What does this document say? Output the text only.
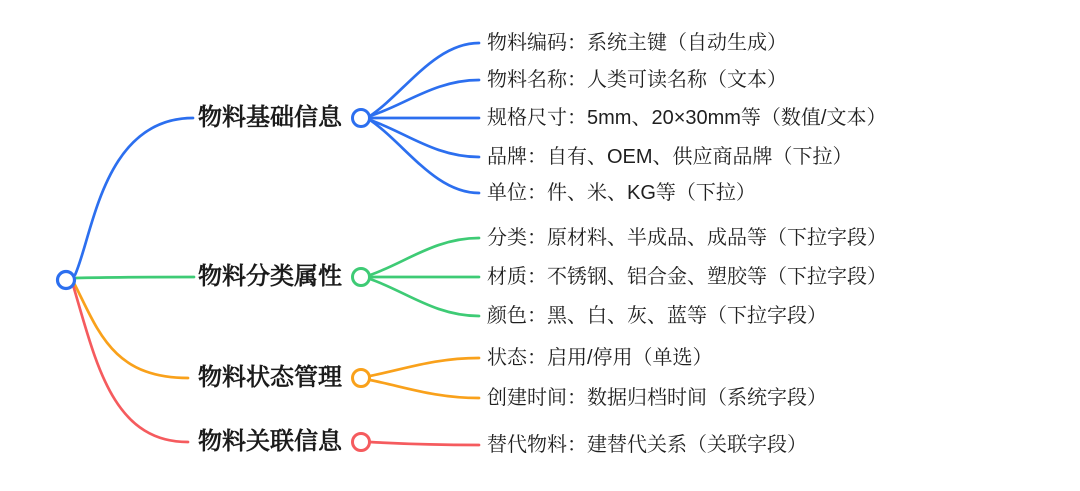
物料基础信息
物料分类属性
物料状态管理
物料关联信息
物料编码：系统主键（自动生成）
物料名称：人类可读名称（文本）
规格尺寸：5mm、20×30mm等（数值/文本）
品牌：自有、OEM、供应商品牌（下拉）
单位：件、米、KG等（下拉）
分类：原材料、半成品、成品等（下拉字段）
材质：不锈钢、铝合金、塑胶等（下拉字段）
颜色：黑、白、灰、蓝等（下拉字段）
状态：启用/停用（单选）
创建时间：数据归档时间（系统字段）
替代物料：建替代关系（关联字段）
